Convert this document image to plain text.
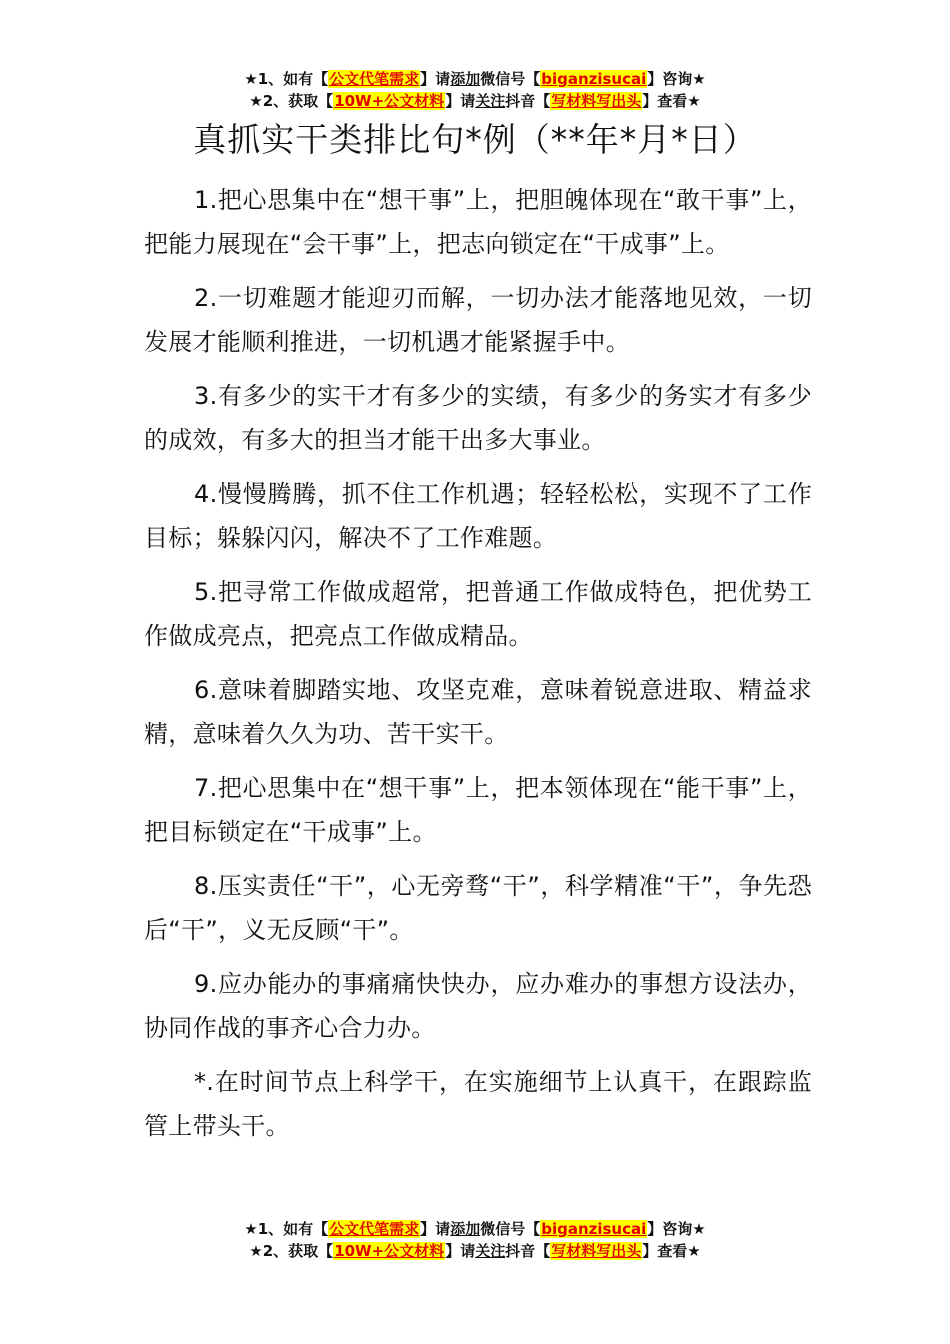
★1、如有【公文代笔需求】请添加微信号【biganzisucai】咨询★
★2、获取【10W+公文材料】请关注抖音【写材料写出头】查看★
真抓实干类排比句*例（**年*月*日）

1.把心思集中在“想干事”上，把胆魄体现在“敢干事”上，把能力展现在“会干事”上，把志向锁定在“干成事”上。

2.一切难题才能迎刃而解，一切办法才能落地见效，一切发展才能顺利推进，一切机遇才能紧握手中。

3.有多少的实干才有多少的实绩，有多少的务实才有多少的成效，有多大的担当才能干出多大事业。

4.慢慢腾腾，抓不住工作机遇；轻轻松松，实现不了工作目标；躲躲闪闪，解决不了工作难题。

5.把寻常工作做成超常，把普通工作做成特色，把优势工作做成亮点，把亮点工作做成精品。

6.意味着脚踏实地、攻坚克难，意味着锐意进取、精益求精，意味着久久为功、苦干实干。

7.把心思集中在“想干事”上，把本领体现在“能干事”上，把目标锁定在“干成事”上。

8.压实责任“干”，心无旁骛“干”，科学精准“干”，争先恐后“干”，义无反顾“干”。

9.应办能办的事痛痛快快办，应办难办的事想方设法办，协同作战的事齐心合力办。

*.在时间节点上科学干，在实施细节上认真干，在跟踪监管上带头干。

★1、如有【公文代笔需求】请添加微信号【biganzisucai】咨询★
★2、获取【10W+公文材料】请关注抖音【写材料写出头】查看★
